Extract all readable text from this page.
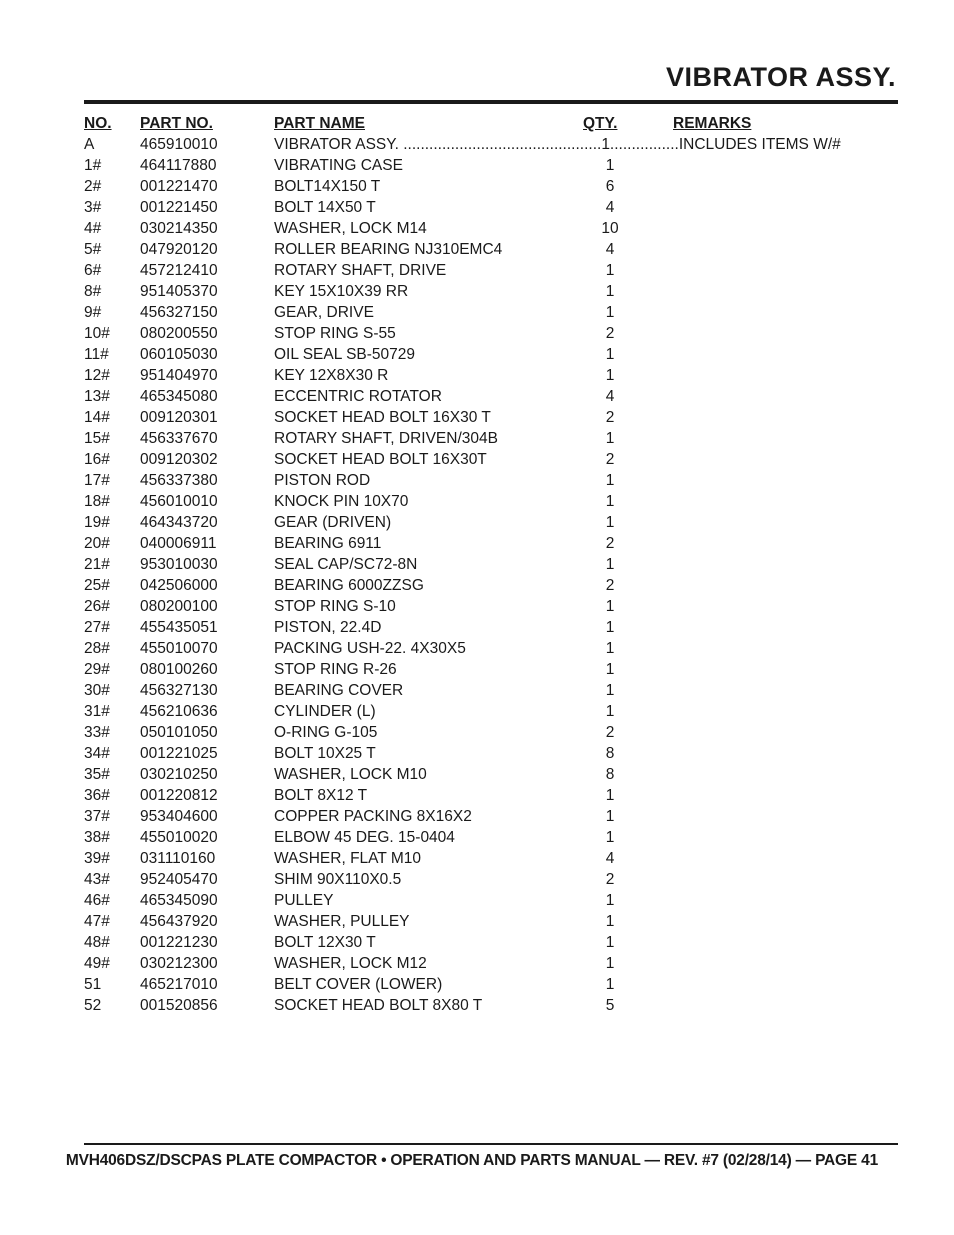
VIBRATOR ASSY.
NO. PART NO.	PART NAME	QTY.	REMARKS
A	465910010	VIBRATOR ASSY. ..............................................1................INCLUDES ITEMS W/#
1#	464117880	VIBRATING CASE	1
2#	001221470	BOLT14X150 T	6
3#	001221450	BOLT 14X50 T	4
4#	030214350	WASHER, LOCK M14	10
5#	047920120	ROLLER BEARING NJ310EMC4	4
6#	457212410	ROTARY SHAFT, DRIVE	1
8#	951405370	KEY 15X10X39 RR	1
9#	456327150	GEAR, DRIVE	1
10# 080200550	STOP RING S-55	2
11# 060105030	OIL SEAL SB-50729	1
12# 951404970	KEY 12X8X30 R	1
13# 465345080	ECCENTRIC ROTATOR	4
14# 009120301	SOCKET HEAD BOLT 16X30 T	2
15# 456337670	ROTARY SHAFT, DRIVEN/304B	1
16# 009120302	SOCKET HEAD BOLT 16X30T	2
17# 456337380	PISTON ROD	1
18# 456010010	KNOCK PIN 10X70	1
19# 464343720	GEAR (DRIVEN)	1
20# 040006911	BEARING 6911	2
21# 953010030	SEAL CAP/SC72-8N	1
25# 042506000	BEARING 6000ZZSG	2
26# 080200100	STOP RING S-10	1
27# 455435051	PISTON, 22.4D	1
28# 455010070	PACKING USH-22. 4X30X5	1
29# 080100260	STOP RING R-26	1
30# 456327130	BEARING COVER	1
31# 456210636	CYLINDER (L)	1
33# 050101050	O-RING G-105	2
34# 001221025	BOLT 10X25 T	8
35# 030210250	WASHER, LOCK M10	8
36# 001220812	BOLT 8X12 T	1
37# 953404600	COPPER PACKING 8X16X2	1
38# 455010020	ELBOW 45 DEG. 15-0404	1
39# 031110160	WASHER, FLAT M10	4
43# 952405470	SHIM 90X110X0.5	2
46# 465345090	PULLEY	1
47# 456437920	WASHER, PULLEY	1
48# 001221230	BOLT 12X30 T	1
49# 030212300	WASHER, LOCK M12	1
51	465217010	BELT COVER (LOWER)	1
52	001520856	SOCKET HEAD BOLT 8X80 T	5
MVH406DSZ/DSCPAS PLATE COMPACTOR • OPERATION AND PARTS MANUAL — REV. #7 (02/28/14) — PAGE 41
